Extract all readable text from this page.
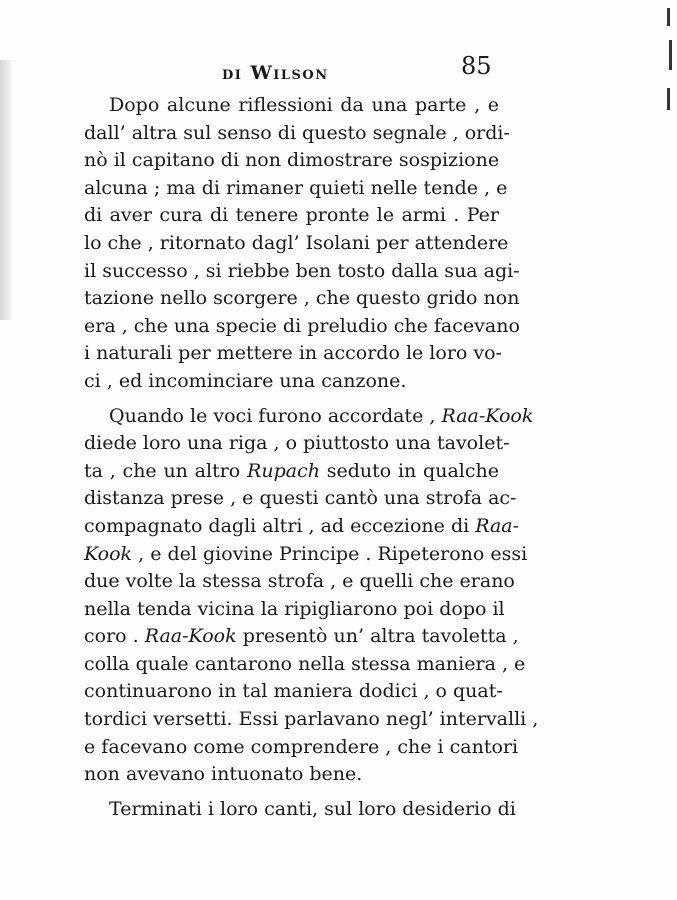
di Wilson	85
Dopo alcune riflessioni da una parte , e
dall’ altra sul senso di questo segnale , ordi-
nò il capitano di non dimostrare sospizione
alcuna ; ma di rimaner quieti nelle tende , e
di aver cura di tenere pronte le armi . Per
lo che , ritornato dagl’ Isolani per attendere
il successo , si riebbe ben tosto dalla sua agi-
tazione nello scorgere , che questo grido non
era , che una specie di preludio che facevano
i naturali per mettere in accordo le loro vo-
ci , ed incominciare una canzone.
Quando le voci furono accordate , Raa-Kook
diede loro una riga , o piuttosto una tavolet-
ta , che un altro Rupach seduto in qualche
distanza prese , e questi cantò una strofa ac-
compagnato dagli altri , ad eccezione di Raa-
Kook , e del giovine Principe . Ripeterono essi
due volte la stessa strofa , e quelli che erano
nella tenda vicina la ripigliarono poi dopo il
coro . Raa-Kook presentò un’ altra tavoletta ,
colla quale cantarono nella stessa maniera , e
continuarono in tal maniera dodici , o quat-
tordici versetti. Essi parlavano negl’ intervalli ,
e facevano come comprendere , che i cantori
non avevano intuonato bene.
Terminati i loro canti, sul loro desiderio di
